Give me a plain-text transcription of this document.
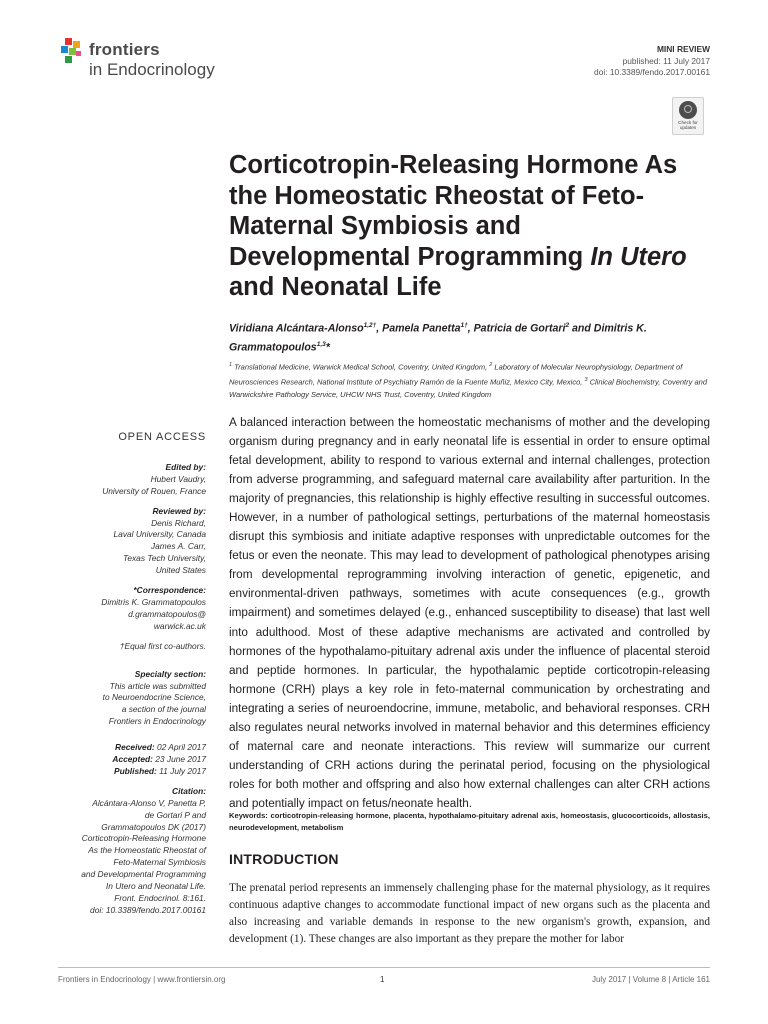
frontiers
in Endocrinology
MINI REVIEW
published: 11 July 2017
doi: 10.3389/fendo.2017.00161
Check for updates
Corticotropin-Releasing Hormone As the Homeostatic Rheostat of Feto-Maternal Symbiosis and Developmental Programming In Utero and Neonatal Life
Viridiana Alcántara-Alonso$^{1,2\dagger}$, Pamela Panetta$^{1\dagger}$, Patricia de Gortari$^2$ and Dimitris K. Grammatopoulos$^{1,3}$*
$^1$ Translational Medicine, Warwick Medical School, Coventry, United Kingdom, $^2$ Laboratory of Molecular Neurophysiology, Department of Neurosciences Research, National Institute of Psychiatry Ramón de la Fuente Muñiz, Mexico City, Mexico, $^3$ Clinical Biochemistry, Coventry and Warwickshire Pathology Service, UHCW NHS Trust, Coventry, United Kingdom
OPEN ACCESS
Edited by:
Hubert Vaudry,
University of Rouen, France
Reviewed by:
Denis Richard,
Laval University, Canada
James A. Carr,
Texas Tech University,
United States
*Correspondence:
Dimitris K. Grammatopoulos
d.grammatopoulos@
warwick.ac.uk
†Equal first co-authors.
Specialty section:
This article was submitted
to Neuroendocrine Science,
a section of the journal
Frontiers in Endocrinology
Received: 02 April 2017
Accepted: 23 June 2017
Published: 11 July 2017
Citation:
Alcántara-Alonso V, Panetta P,
de Gortari P and
Grammatopoulos DK (2017)
Corticotropin-Releasing Hormone
As the Homeostatic Rheostat of
Feto-Maternal Symbiosis
and Developmental Programming
In Utero and Neonatal Life.
Front. Endocrinol. 8:161.
doi: 10.3389/fendo.2017.00161
A balanced interaction between the homeostatic mechanisms of mother and the developing organism during pregnancy and in early neonatal life is essential in order to ensure optimal fetal development, ability to respond to various external and internal challenges, protection from adverse programming, and safeguard maternal care availability after parturition. In the majority of pregnancies, this relationship is highly effective resulting in successful outcomes. However, in a number of pathological settings, perturbations of the maternal homeostasis disrupt this symbiosis and initiate adaptive responses with unpredictable outcomes for the fetus or even the neonate. This may lead to development of pathological phenotypes arising from developmental reprogramming involving interaction of genetic, epigenetic, and environmental-driven pathways, sometimes with acute consequences (e.g., growth impairment) and sometimes delayed (e.g., enhanced susceptibility to disease) that last well into adulthood. Most of these adaptive mechanisms are activated and controlled by hormones of the hypothalamo-pituitary adrenal axis under the influence of placental steroid and peptide hormones. In particular, the hypothalamic peptide corticotropin-releasing hormone (CRH) plays a key role in feto-maternal communication by orchestrating and integrating a series of neuroendocrine, immune, metabolic, and behavioral responses. CRH also regulates neural networks involved in maternal behavior and this determines efficiency of maternal care and neonate interactions. This review will summarize our current understanding of CRH actions during the perinatal period, focusing on the physiological roles for both mother and offspring and also how external challenges can alter CRH actions and potentially impact on fetus/neonate health.
Keywords: corticotropin-releasing hormone, placenta, hypothalamo-pituitary adrenal axis, homeostasis, glucocorticoids, allostasis, neurodevelopment, metabolism
INTRODUCTION
The prenatal period represents an immensely challenging phase for the maternal physiology, as it requires continuous adaptive changes to accommodate functional impact of new organs such as the placenta and also increasing and variable demands in response to the new organism's growth, expansion, and development (1). These changes are also important as they prepare the mother for labor
Frontiers in Endocrinology | www.frontiersin.org	1	July 2017 | Volume 8 | Article 161
